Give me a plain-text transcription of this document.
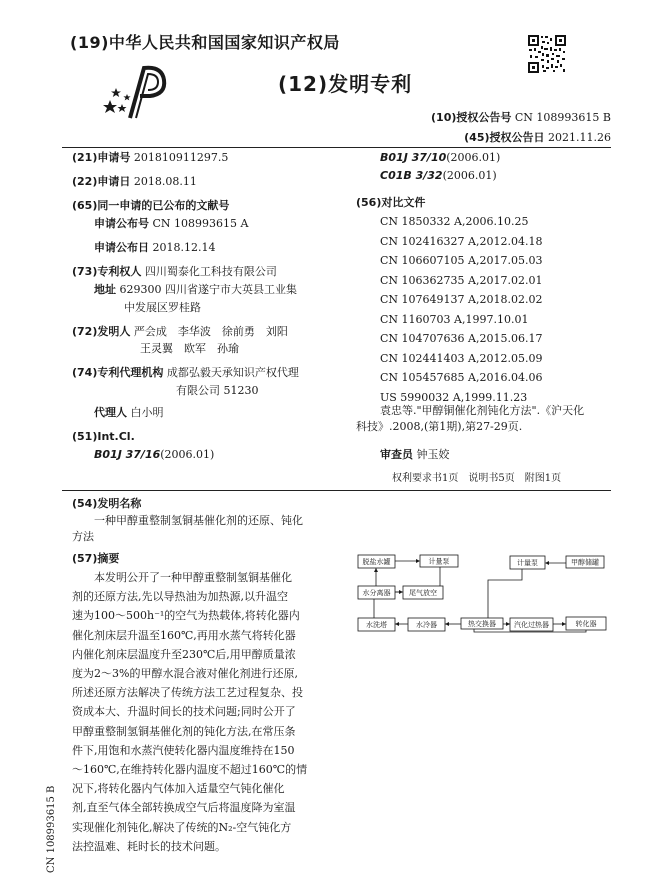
(19)中华人民共和国国家知识产权局
(12)发明专利
(10)授权公告号 CN 108993615 B
(45)授权公告日 2021.11.26
(21)申请号 201810911297.5
(22)申请日 2018.08.11
(65)同一申请的已公布的文献号
申请公布号 CN 108993615 A
申请公布日 2018.12.14
(73)专利权人 四川蜀泰化工科技有限公司
地址 629300 四川省遂宁市大英县工业集
中发展区罗桂路
(72)发明人 严会成　李华波　徐前勇　刘阳
王灵翼　欧军　孙瑜
(74)专利代理机构 成都弘毅天承知识产权代理
有限公司 51230
代理人 白小明
(51)Int.Cl.
B01J 37/16(2006.01)
B01J 37/10(2006.01)
C01B 3/32(2006.01)
(56)对比文件
CN 1850332 A,2006.10.25
CN 102416327 A,2012.04.18
CN 106607105 A,2017.05.03
CN 106362735 A,2017.02.01
CN 107649137 A,2018.02.02
CN 1160703 A,1997.10.01
CN 104707636 A,2015.06.17
CN 102441403 A,2012.05.09
CN 105457685 A,2016.04.06
US 5990032 A,1999.11.23
袁忠等."甲醇铜催化剂钝化方法".《沪天化
科技》.2008,(第1期),第27-29页.
审查员 钟玉姣
权利要求书1页　说明书5页　附图1页
(54)发明名称
一种甲醇重整制氢铜基催化剂的还原、钝化
方法
(57)摘要
本发明公开了一种甲醇重整制氢铜基催化
剂的还原方法,先以导热油为加热源,以升温空
速为100～500h⁻¹的空气为热载体,将转化器内
催化剂床层升温至160℃,再用水蒸气将转化器
内催化剂床层温度升至230℃后,用甲醇质量浓
度为2～3%的甲醇水混合液对催化剂进行还原,
所述还原方法解决了传统方法工艺过程复杂、投
资成本大、升温时间长的技术问题;同时公开了
甲醇重整制氢铜基催化剂的钝化方法,在常压条
件下,用饱和水蒸汽使转化器内温度维持在150
～160℃,在维持转化器内温度不超过160℃的情
况下,将转化器内气体加入适量空气钝化催化
剂,直至气体全部转换成空气后将温度降为室温
实现催化剂钝化,解决了传统的N₂-空气钝化方
法控温难、耗时长的技术问题。
CN 108993615 B
脱盐水罐	计量泵	计量泵	甲醇储罐
水分离器	尾气放空
水洗塔	水冷器	热交换器	汽化过热器	转化器
